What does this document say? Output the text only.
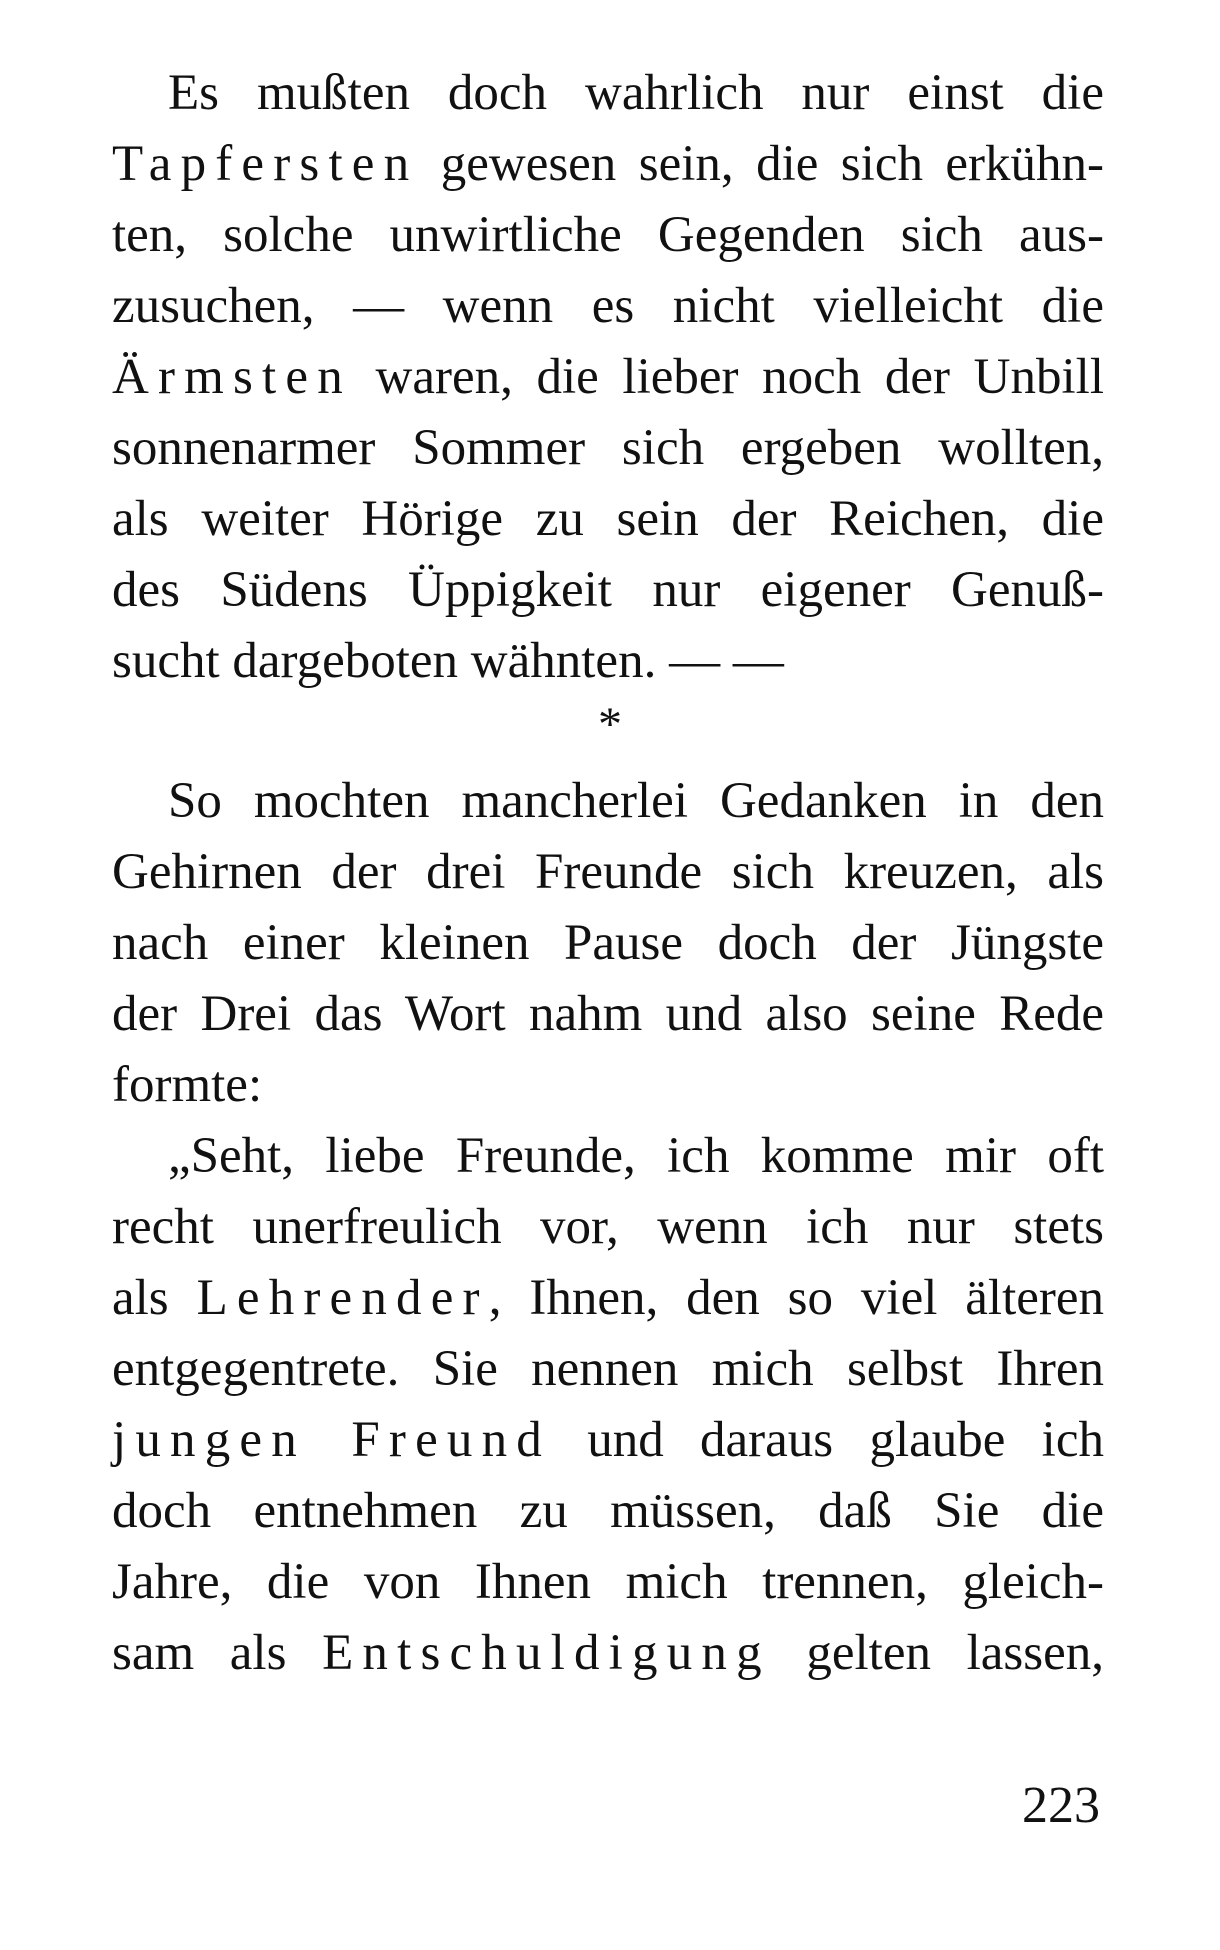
Es mußten doch wahrlich nur einst die
Tapfersten gewesen sein, die sich erkühn-
ten, solche unwirtliche Gegenden sich aus-
zusuchen, — wenn es nicht vielleicht die
Ärmsten waren, die lieber noch der Unbill
sonnenarmer Sommer sich ergeben wollten,
als weiter Hörige zu sein der Reichen, die
des Südens Üppigkeit nur eigener Genuß-
sucht dargeboten wähnten. — —
*
So mochten mancherlei Gedanken in den
Gehirnen der drei Freunde sich kreuzen, als
nach einer kleinen Pause doch der Jüngste
der Drei das Wort nahm und also seine Rede
formte:
„Seht, liebe Freunde, ich komme mir oft
recht unerfreulich vor, wenn ich nur stets
als Lehrender, Ihnen, den so viel älteren
entgegentrete. Sie nennen mich selbst Ihren
jungen Freund und daraus glaube ich
doch entnehmen zu müssen, daß Sie die
Jahre, die von Ihnen mich trennen, gleich-
sam als Entschuldigung gelten lassen,
223
